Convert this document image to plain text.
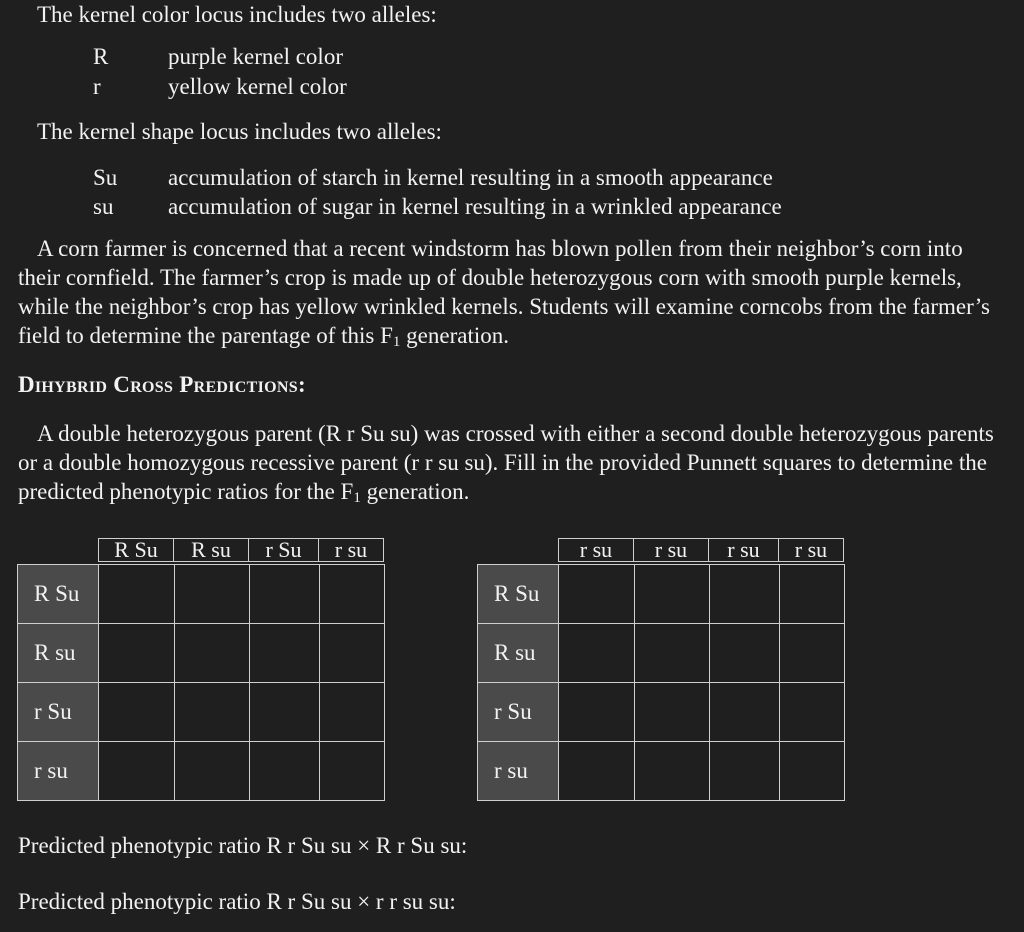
The kernel color locus includes two alleles:
R	purple kernel color
r	yellow kernel color
The kernel shape locus includes two alleles:
Su accumulation of starch in kernel resulting in a smooth appearance
su accumulation of sugar in kernel resulting in a wrinkled appearance

A corn farmer is concerned that a recent windstorm has blown pollen from their neighbor’s corn into their cornfield. The farmer’s crop is made up of double heterozygous corn with smooth purple kernels, while the neighbor’s crop has yellow wrinkled kernels. Students will examine corncobs from the farmer’s field to determine the parentage of this $F_1$ generation.

Dihybrid Cross Predictions:

A double heterozygous parent (R r Su su) was crossed with either a second double heterozygous parents or a double homozygous recessive parent (r r su su). Fill in the provided Punnett squares to determine the predicted phenotypic ratios for the $F_1$ generation.

R Su	R su	r Su	r su
R Su				
R su				
r Su				
r su				
r su	r su	r su	r su
R Su				
R su				
r Su				
r su				
Predicted phenotypic ratio R r Su su × R r Su su:
Predicted phenotypic ratio R r Su su × r r su su:
